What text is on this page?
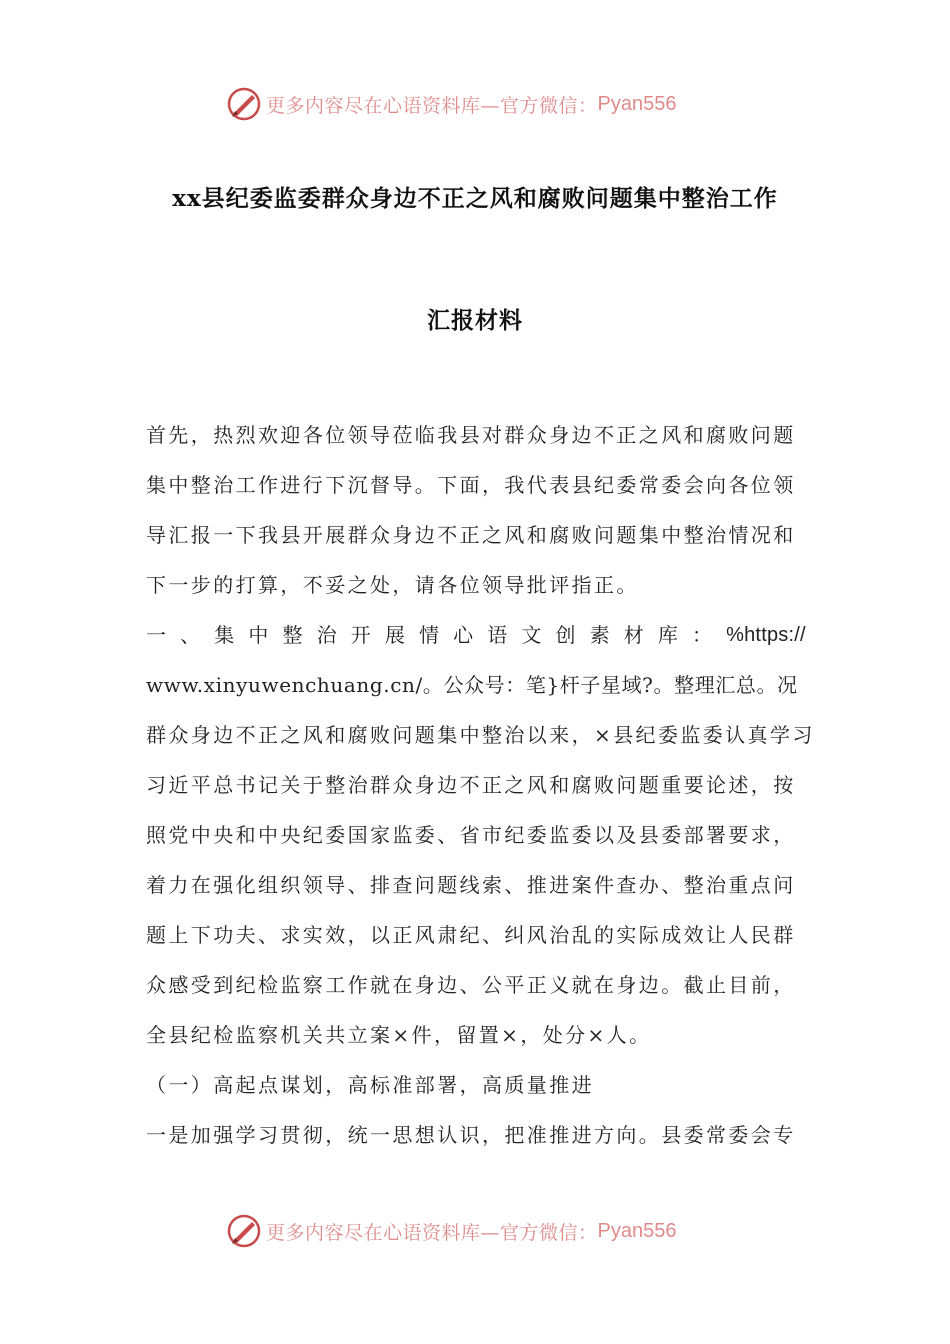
更多内容尽在心语资料库—官方微信： Pyan556
xx县纪委监委群众身边不正之风和腐败问题集中整治工作
汇报材料
首先，热烈欢迎各位领导莅临我县对群众身边不正之风和腐败问题
集中整治工作进行下沉督导。下面，我代表县纪委常委会向各位领
导汇报一下我县开展群众身边不正之风和腐败问题集中整治情况和
下一步的打算，不妥之处，请各位领导批评指正。
一 、 集 中 整 治 开 展 情 心 语 文 创 素 材 库 ： %https://
www.xinyuwenchuang.cn/。公众号：笔}杆子星域?。整理汇总。况
群众身边不正之风和腐败问题集中整治以来，×县纪委监委认真学习
习近平总书记关于整治群众身边不正之风和腐败问题重要论述，按
照党中央和中央纪委国家监委、省市纪委监委以及县委部署要求，
着力在强化组织领导、排查问题线索、推进案件查办、整治重点问
题上下功夫、求实效，以正风肃纪、纠风治乱的实际成效让人民群
众感受到纪检监察工作就在身边、公平正义就在身边。截止目前，
全县纪检监察机关共立案×件，留置×，处分×人。
（一）高起点谋划，高标准部署，高质量推进
一是加强学习贯彻，统一思想认识，把准推进方向。县委常委会专
更多内容尽在心语资料库—官方微信： Pyan556
